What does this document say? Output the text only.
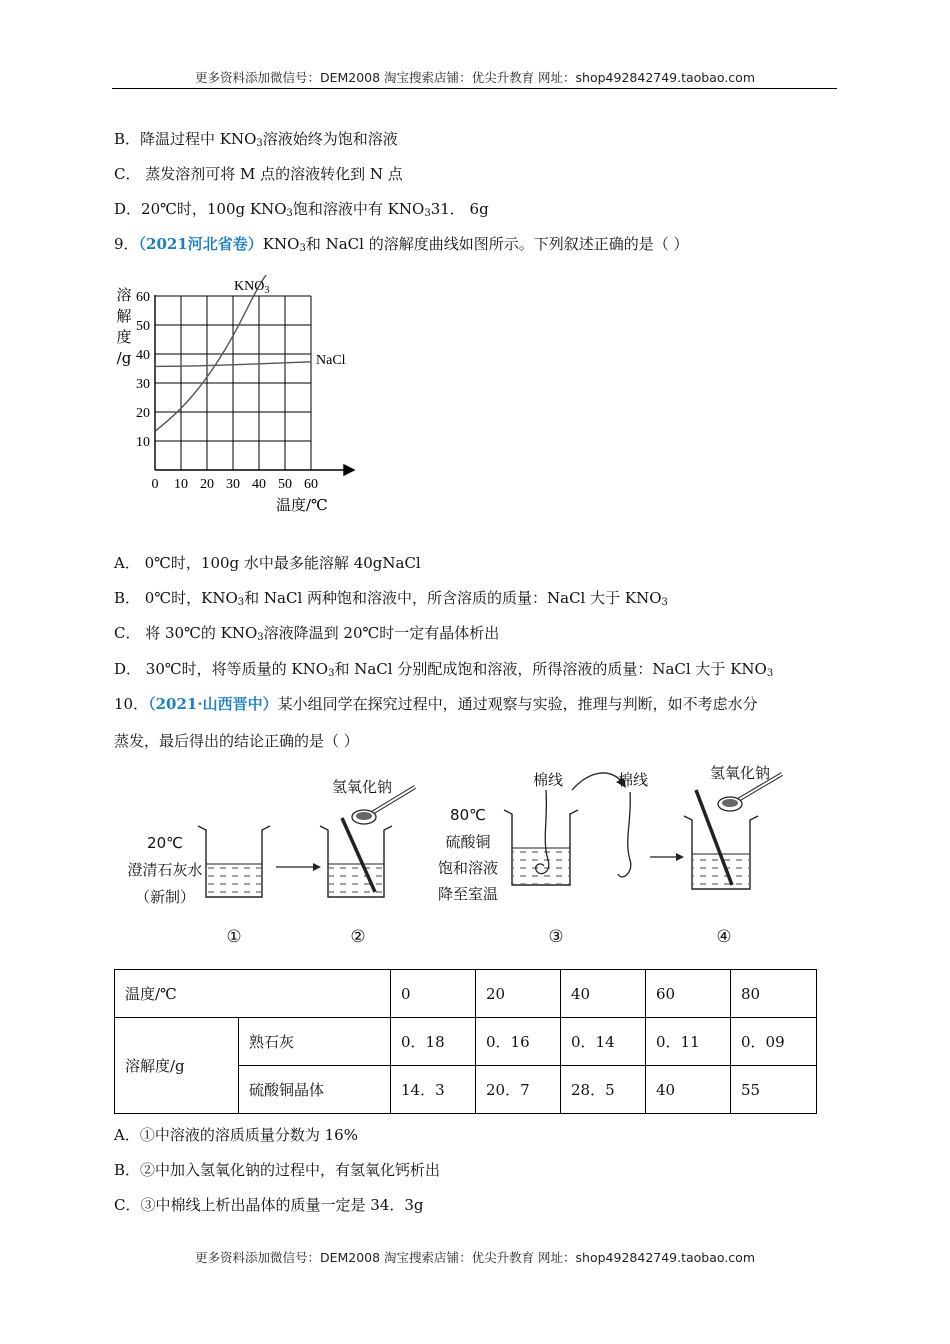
更多资料添加微信号：DEM2008 淘宝搜索店铺：优尖升教育 网址：shop492842749.taobao.com
B．降温过程中 $KNO_3$溶液始终为饱和溶液
C． 蒸发溶剂可将 M 点的溶液转化到 N 点
D．20℃时，100g $KNO_3$饱和溶液中有 $KNO_331$． 6g
9．（2021河北省卷）$KNO_3$和 NaCl 的溶解度曲线如图所示。下列叙述正确的是（ ）
10
20
30
40
50
60
0 10 20 30 40 50 60
溶
解
度
/g
温度/℃
$KNO_3$
NaCl
A． 0℃时，100g 水中最多能溶解 40gNaCl
B． 0℃时，$KNO_3$和 NaCl 两种饱和溶液中，所含溶质的质量：NaCl 大于 $KNO_3$
C． 将 30℃的 $KNO_3$溶液降温到 20℃时一定有晶体析出
D． 30℃时，将等质量的 $KNO_3$和 NaCl 分别配成饱和溶液，所得溶液的质量：NaCl 大于 $KNO_3$
10．（2021·山西晋中）某小组同学在探究过程中，通过观察与实验，推理与判断，如不考虑水分
蒸发，最后得出的结论正确的是（ ）
20℃
澄清石灰水
（新制）
氢氧化钠
80℃
硫酸铜
饱和溶液
降至室温
棉线	棉线	氢氧化钠
①	②	③	④
温度/℃		0	20	40	60	80
溶解度/g	熟石灰	0．18	0．16	0．14	0．11	0．09
	硫酸铜晶体	14．3	20．7	28．5	40	55
A．①中溶液的溶质质量分数为 16%
B．②中加入氢氧化钠的过程中，有氢氧化钙析出
C．③中棉线上析出晶体的质量一定是 34．3g
更多资料添加微信号：DEM2008 淘宝搜索店铺：优尖升教育 网址：shop492842749.taobao.com
